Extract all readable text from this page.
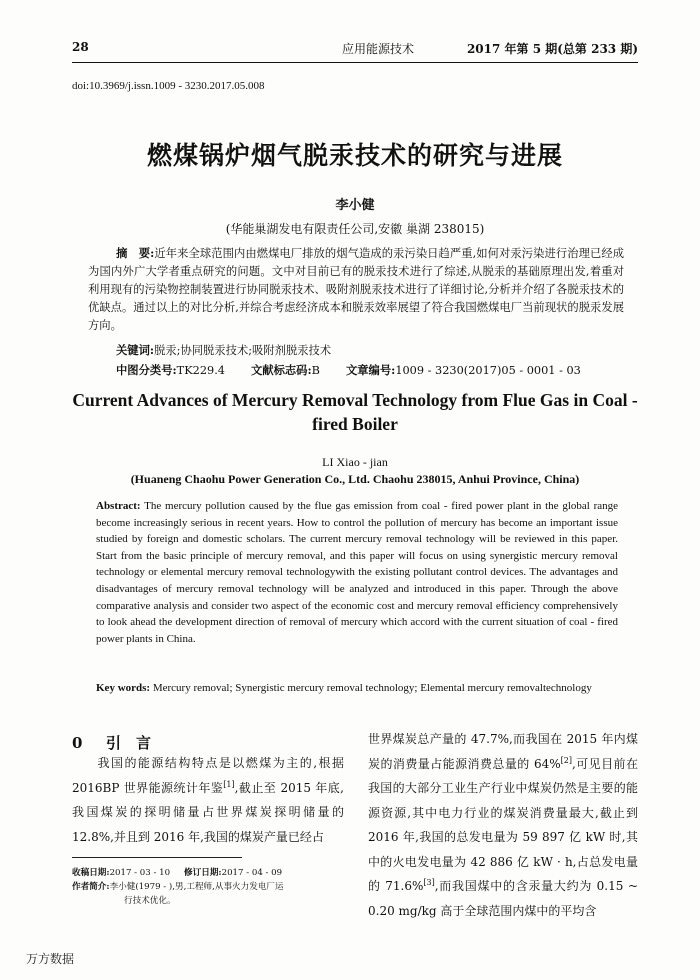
28	应用能源技术	2017 年第 5 期(总第 233 期)
doi:10.3969/j.issn.1009 - 3230.2017.05.008
燃煤锅炉烟气脱汞技术的研究与进展
李小健
(华能巢湖发电有限责任公司,安徽 巢湖 238015)
摘　要:近年来全球范围内由燃煤电厂排放的烟气造成的汞污染日趋严重,如何对汞污染进行治理已经成为国内外广大学者重点研究的问题。文中对目前已有的脱汞技术进行了综述,从脱汞的基础原理出发,着重对利用现有的污染物控制装置进行协同脱汞技术、吸附剂脱汞技术进行了详细讨论,分析并介绍了各脱汞技术的优缺点。通过以上的对比分析,并综合考虑经济成本和脱汞效率展望了符合我国燃煤电厂当前现状的脱汞发展方向。
关键词:脱汞;协同脱汞技术;吸附剂脱汞技术
中图分类号:TK229.4 文献标志码:B 文章编号:1009 - 3230(2017)05 - 0001 - 03
Current Advances of Mercury Removal Technology from Flue Gas in Coal - fired Boiler
LI Xiao - jian
(Huaneng Chaohu Power Generation Co., Ltd. Chaohu 238015, Anhui Province, China)
Abstract: The mercury pollution caused by the flue gas emission from coal - fired power plant in the global range become increasingly serious in recent years. How to control the pollution of mercury has become an important issue studied by foreign and domestic scholars. The current mercury removal technology will be reviewed in this paper. Start from the basic principle of mercury removal, and this paper will focus on using synergistic mercury removal technology or elemental mercury removal technologywith the existing pollutant control devices. The advantages and disadvantages of mercury removal technology will be analyzed and introduced in this paper. Through the above comparative analysis and consider two aspect of the economic cost and mercury removal efficiency comprehensively to look ahead the development direction of removal of mercury which accord with the current situation of coal - fired power plants in China.
Key words: Mercury removal; Synergistic mercury removal technology; Elemental mercury removaltechnology
0 引　言

我国的能源结构特点是以燃煤为主的,根据 2016BP 世界能源统计年鉴[1],截止至 2015 年底,我国煤炭的探明储量占世界煤炭探明储量的 12.8%,并且到 2016 年,我国的煤炭产量已经占

世界煤炭总产量的 47.7%,而我国在 2015 年内煤炭的消费量占能源消费总量的 64%[2],可见目前在我国的大部分工业生产行业中煤炭仍然是主要的能源资源,其中电力行业的煤炭消费量最大,截止到 2016 年,我国的总发电量为 59 897 亿 kW 时,其中的火电发电量为 42 886 亿 kW · h,占总发电量的 71.6%[3],而我国煤中的含汞量大约为 0.15 ~ 0.20 mg/kg 高于全球范围内煤中的平均含

收稿日期:2017 - 03 - 10 修订日期:2017 - 04 - 09
作者简介:李小健(1979 - ),男,工程师,从事火力发电厂运
行技术优化。
万方数据
